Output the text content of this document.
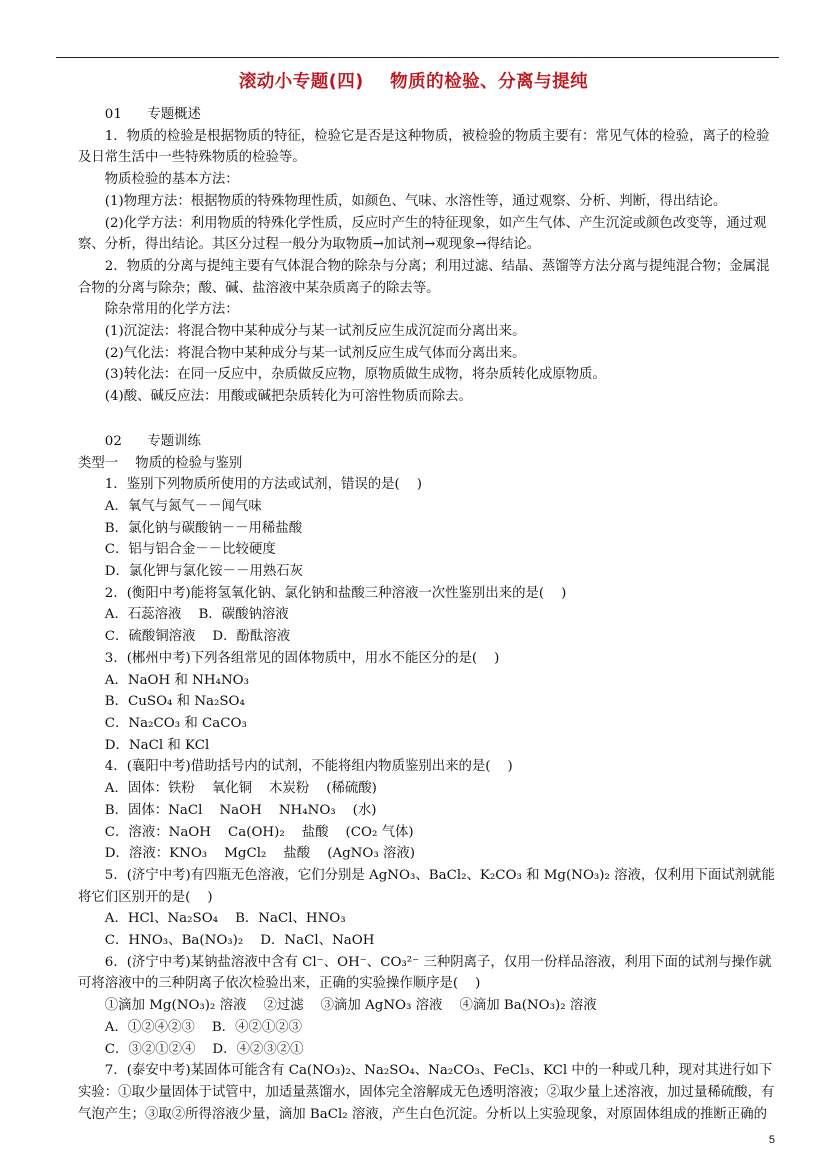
滚动小专题(四)    物质的检验、分离与提纯

01 专题概述

1．物质的检验是根据物质的特征，检验它是否是这种物质，被检验的物质主要有：常见气体的检验，离子的检验及日常生活中一些特殊物质的检验等。

物质检验的基本方法：

(1)物理方法：根据物质的特殊物理性质，如颜色、气味、水溶性等，通过观察、分析、判断，得出结论。

(2)化学方法：利用物质的特殊化学性质，反应时产生的特征现象，如产生气体、产生沉淀或颜色改变等，通过观察、分析，得出结论。其区分过程一般分为取物质→加试剂→观现象→得结论。

2．物质的分离与提纯主要有气体混合物的除杂与分离；利用过滤、结晶、蒸馏等方法分离与提纯混合物；金属混合物的分离与除杂；酸、碱、盐溶液中某杂质离子的除去等。

除杂常用的化学方法：

(1)沉淀法：将混合物中某种成分与某一试剂反应生成沉淀而分离出来。

(2)气化法：将混合物中某种成分与某一试剂反应生成气体而分离出来。

(3)转化法：在同一反应中，杂质做反应物，原物质做生成物，将杂质转化成原物质。

(4)酸、碱反应法：用酸或碱把杂质转化为可溶性物质而除去。

02 专题训练

类型一    物质的检验与鉴别

1．鉴别下列物质所使用的方法或试剂，错误的是(    )

A．氧气与氮气－－闻气味

B．氯化钠与碳酸钠－－用稀盐酸

C．铝与铝合金－－比较硬度

D．氯化钾与氯化铵－－用熟石灰

2．(衡阳中考)能将氢氧化钠、氯化钠和盐酸三种溶液一次性鉴别出来的是(    )

A．石蕊溶液    B．碳酸钠溶液

C．硫酸铜溶液    D．酚酞溶液

3．(郴州中考)下列各组常见的固体物质中，用水不能区分的是(    )

A．NaOH 和 NH₄NO₃

B．CuSO₄ 和 Na₂SO₄

C．Na₂CO₃ 和 CaCO₃

D．NaCl 和 KCl

4．(襄阳中考)借助括号内的试剂，不能将组内物质鉴别出来的是(    )

A．固体：铁粉    氧化铜    木炭粉    (稀硫酸)

B．固体：NaCl    NaOH    NH₄NO₃    (水)

C．溶液：NaOH    Ca(OH)₂    盐酸    (CO₂ 气体)

D．溶液：KNO₃    MgCl₂    盐酸    (AgNO₃ 溶液)

5．(济宁中考)有四瓶无色溶液，它们分别是 AgNO₃、BaCl₂、K₂CO₃ 和 Mg(NO₃)₂ 溶液，仅利用下面试剂就能将它们区别开的是(    )

A．HCl、Na₂SO₄    B．NaCl、HNO₃

C．HNO₃、Ba(NO₃)₂    D．NaCl、NaOH

6．(济宁中考)某钠盐溶液中含有 Cl⁻、OH⁻、CO₃²⁻ 三种阴离子，仅用一份样品溶液，利用下面的试剂与操作就可将溶液中的三种阴离子依次检验出来，正确的实验操作顺序是(    )

①滴加 Mg(NO₃)₂ 溶液    ②过滤    ③滴加 AgNO₃ 溶液    ④滴加 Ba(NO₃)₂ 溶液

A．①②④②③    B．④②①②③

C．③②①②④    D．④②③②①

7．(泰安中考)某固体可能含有 Ca(NO₃)₂、Na₂SO₄、Na₂CO₃、FeCl₃、KCl 中的一种或几种，现对其进行如下实验：①取少量固体于试管中，加适量蒸馏水，固体完全溶解成无色透明溶液；②取少量上述溶液，加过量稀硫酸，有气泡产生；③取②所得溶液少量，滴加 BaCl₂ 溶液，产生白色沉淀。分析以上实验现象，对原固体组成的推断正确的

5
